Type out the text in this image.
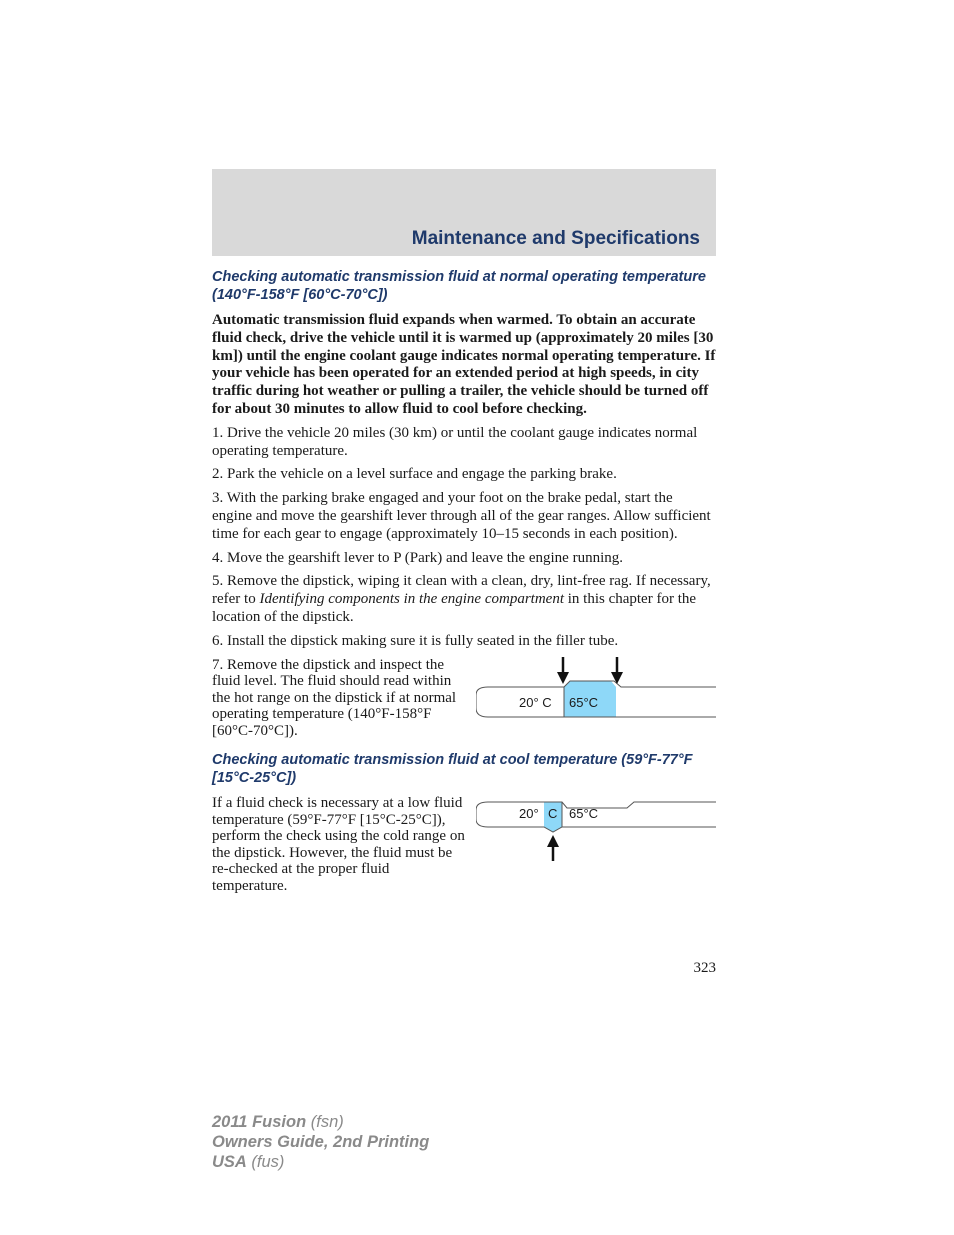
Maintenance and Specifications

Checking automatic transmission fluid at normal operating temperature (140°F-158°F [60°C-70°C])

Automatic transmission fluid expands when warmed. To obtain an accurate fluid check, drive the vehicle until it is warmed up (approximately 20 miles [30 km]) until the engine coolant gauge indicates normal operating temperature. If your vehicle has been operated for an extended period at high speeds, in city traffic during hot weather or pulling a trailer, the vehicle should be turned off for about 30 minutes to allow fluid to cool before checking.

1. Drive the vehicle 20 miles (30 km) or until the coolant gauge indicates normal operating temperature.

2. Park the vehicle on a level surface and engage the parking brake.

3. With the parking brake engaged and your foot on the brake pedal, start the engine and move the gearshift lever through all of the gear ranges. Allow sufficient time for each gear to engage (approximately 10–15 seconds in each position).

4. Move the gearshift lever to P (Park) and leave the engine running.

5. Remove the dipstick, wiping it clean with a clean, dry, lint-free rag. If necessary, refer to Identifying components in the engine compartment in this chapter for the location of the dipstick.

6. Install the dipstick making sure it is fully seated in the filler tube.

7. Remove the dipstick and inspect the fluid level. The fluid should read within the hot range on the dipstick if at normal operating temperature (140°F-158°F [60°C-70°C]).

20° C 65°C

Checking automatic transmission fluid at cool temperature (59°F-77°F [15°C-25°C])

If a fluid check is necessary at a low fluid temperature (59°F-77°F [15°C-25°C]), perform the check using the cold range on the dipstick. However, the fluid must be re-checked at the proper fluid temperature.

20° C 65°C
323
2011 Fusion (fsn)
Owners Guide, 2nd Printing
USA (fus)
